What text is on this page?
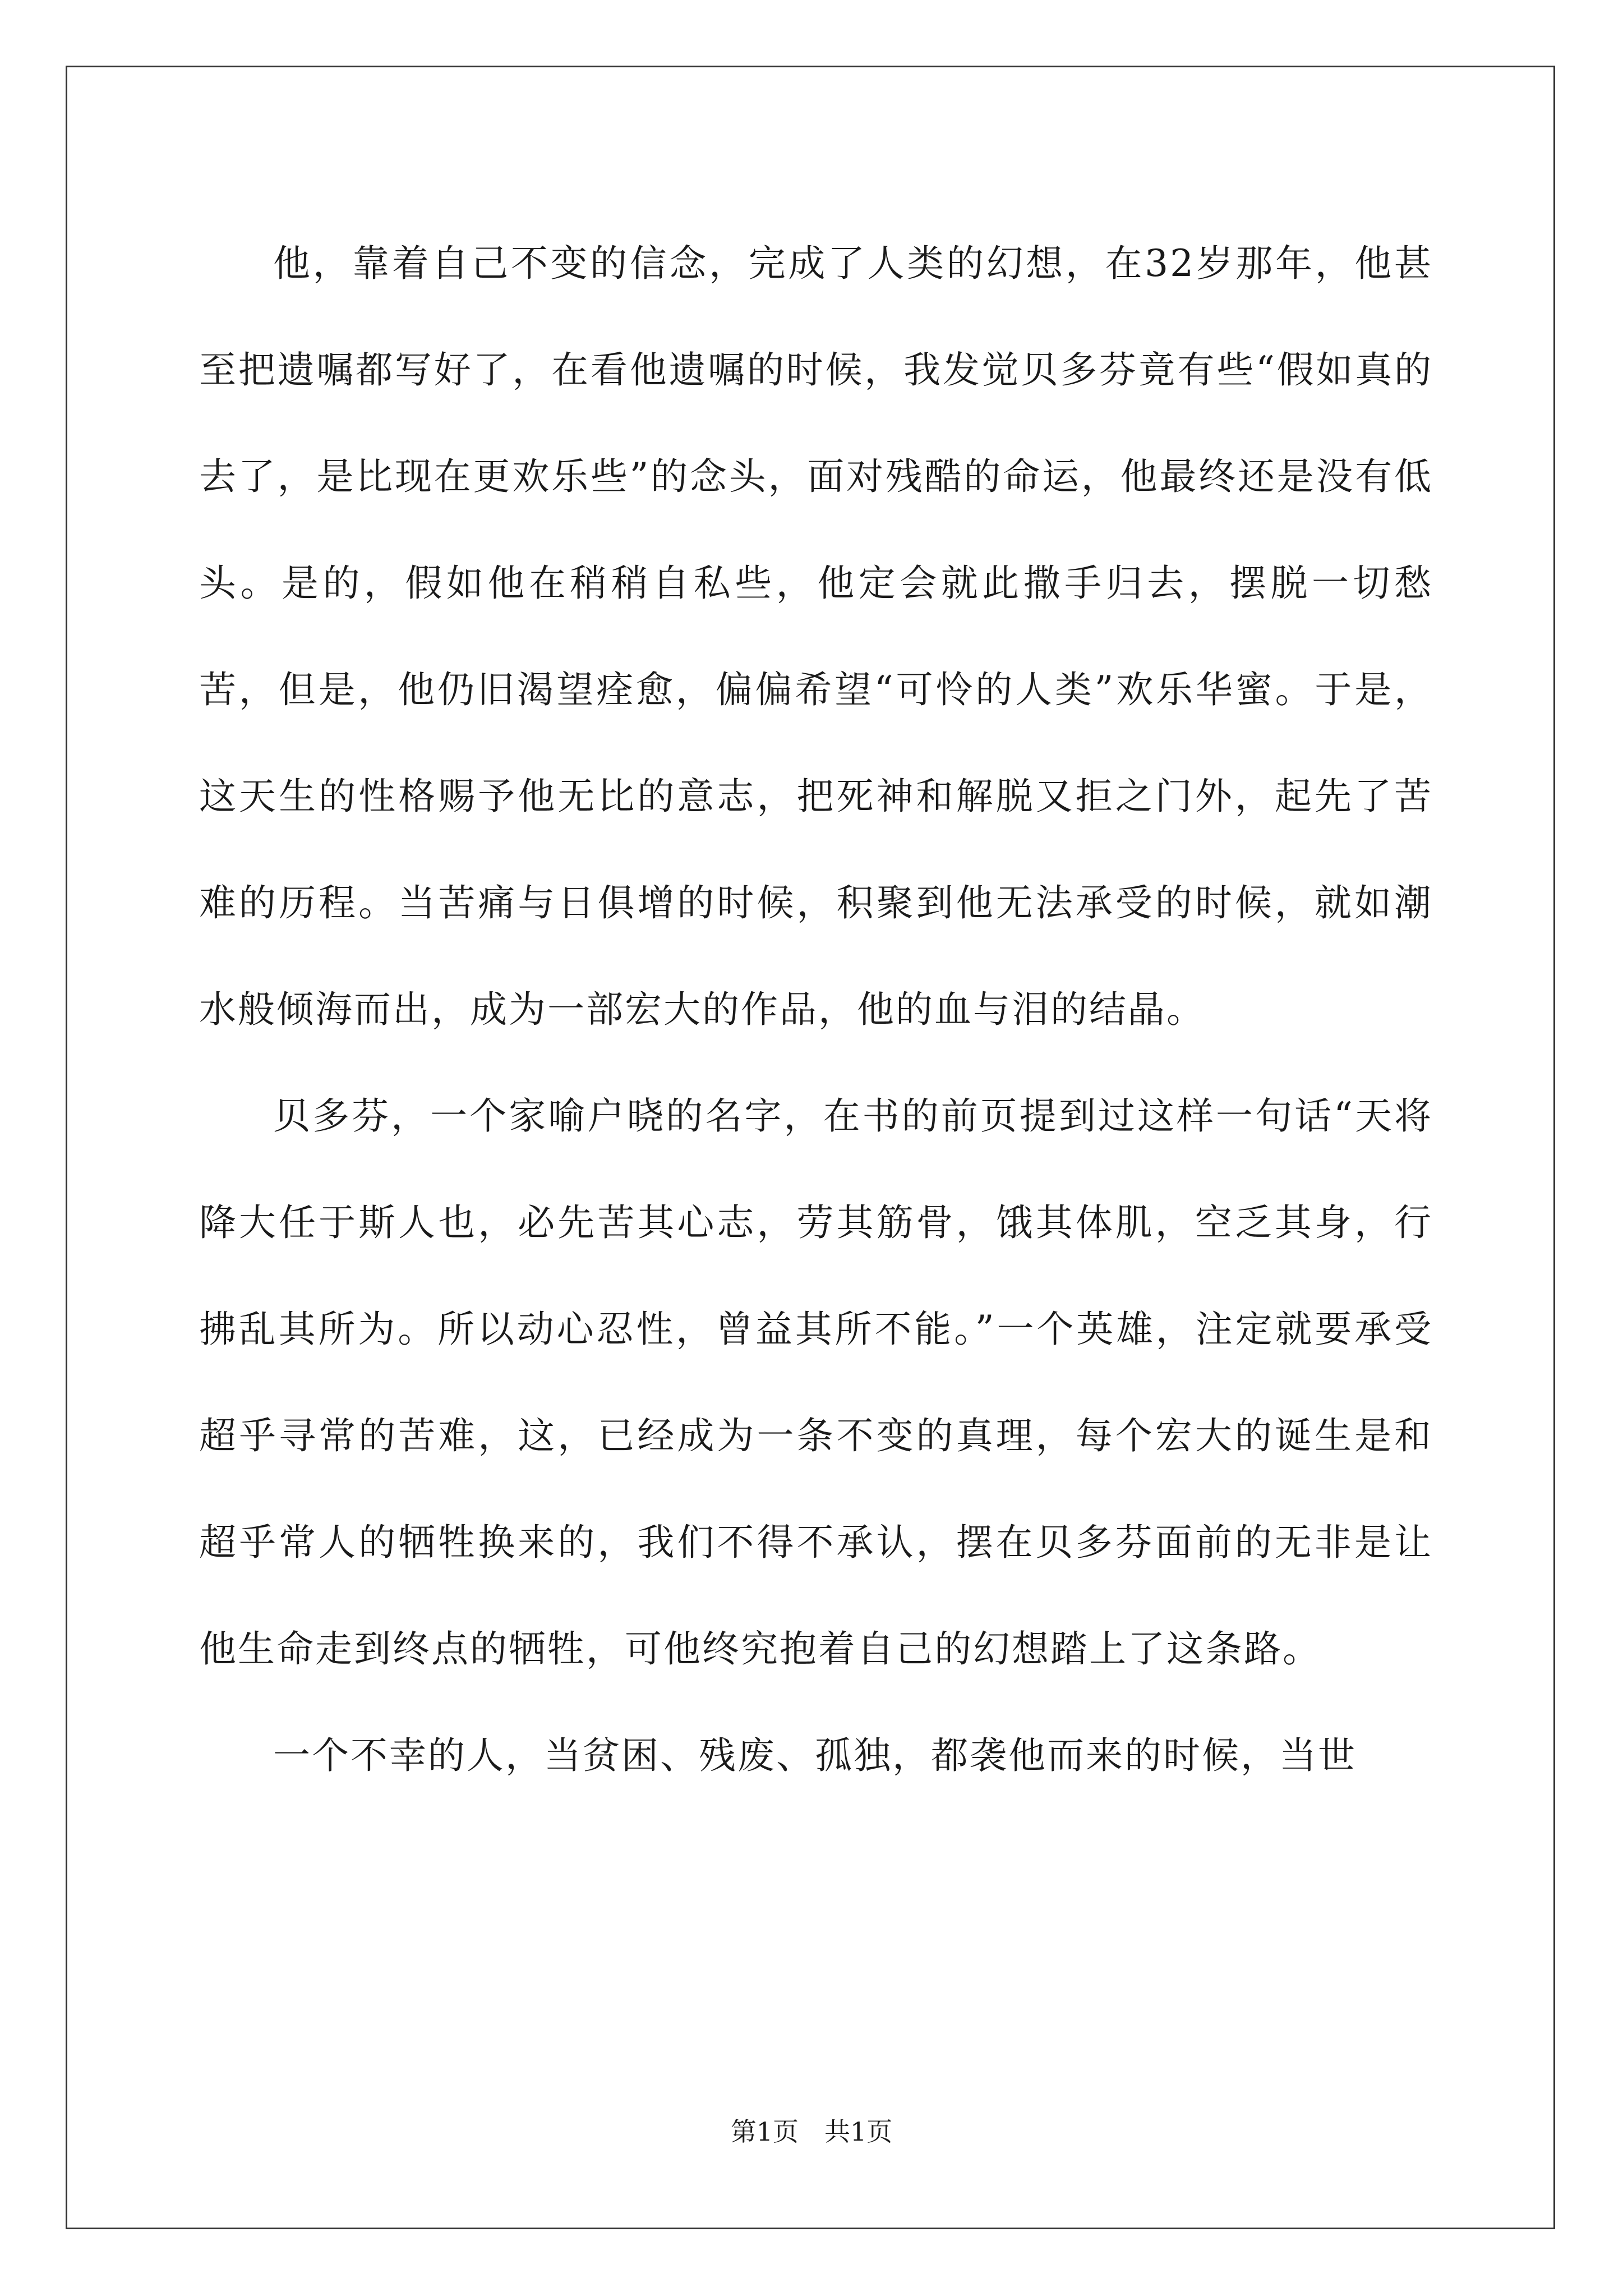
他，靠着自己不变的信念，完成了人类的幻想，在32岁那年，他甚至把遗嘱都写好了，在看他遗嘱的时候，我发觉贝多芬竟有些“假如真的去了，是比现在更欢乐些”的念头，面对残酷的命运，他最终还是没有低头。是的，假如他在稍稍自私些，他定会就此撒手归去，摆脱一切愁苦，但是，他仍旧渴望痊愈，偏偏希望“可怜的人类”欢乐华蜜。于是，这天生的性格赐予他无比的意志，把死神和解脱又拒之门外，起先了苦难的历程。当苦痛与日俱增的时候，积聚到他无法承受的时候，就如潮水般倾海而出，成为一部宏大的作品，他的血与泪的结晶。

贝多芬，一个家喻户晓的名字，在书的前页提到过这样一句话“天将降大任于斯人也，必先苦其心志，劳其筋骨，饿其体肌，空乏其身，行拂乱其所为。所以动心忍性，曾益其所不能。”一个英雄，注定就要承受超乎寻常的苦难，这，已经成为一条不变的真理，每个宏大的诞生是和超乎常人的牺牲换来的，我们不得不承认，摆在贝多芬面前的无非是让他生命走到终点的牺牲，可他终究抱着自己的幻想踏上了这条路。

一个不幸的人，当贫困、残废、孤独，都袭他而来的时候，当世

第1页　共1页
